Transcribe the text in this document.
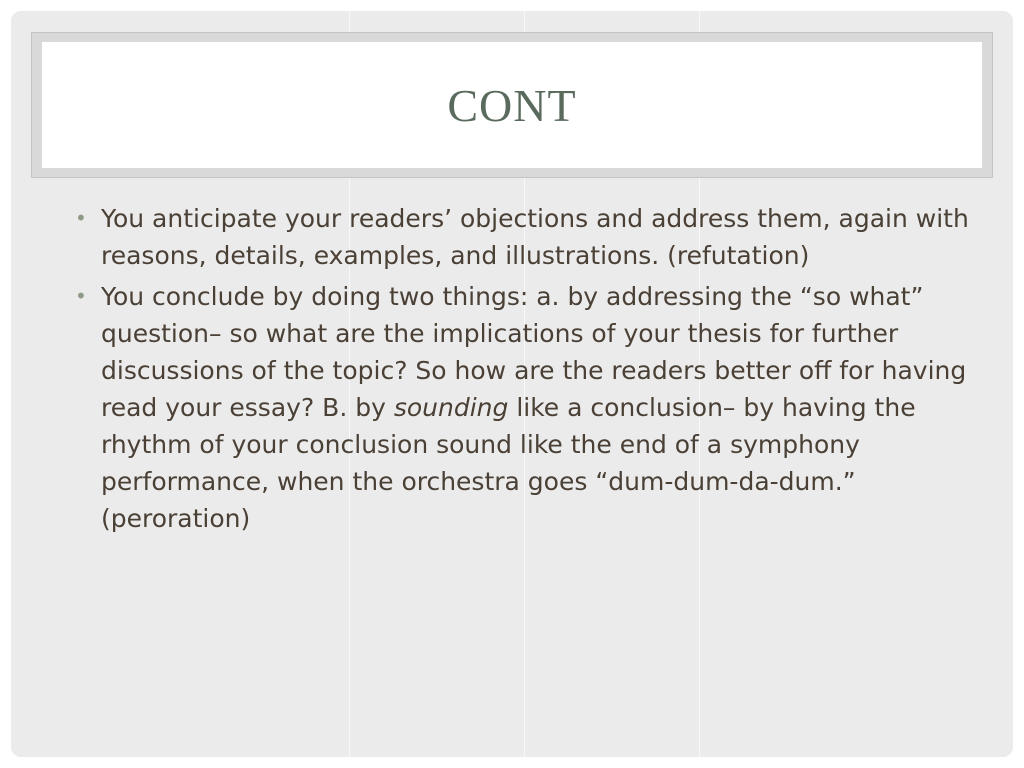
CONT
• You anticipate your readers’ objections and address them, again with reasons, details, examples, and illustrations. (refutation)
• You conclude by doing two things: a. by addressing the “so what” question– so what are the implications of your thesis for further discussions of the topic? So how are the readers better off for having read your essay? B. by sounding like a conclusion– by having the rhythm of your conclusion sound like the end of a symphony performance, when the orchestra goes “dum-dum-da-dum.” (peroration)
